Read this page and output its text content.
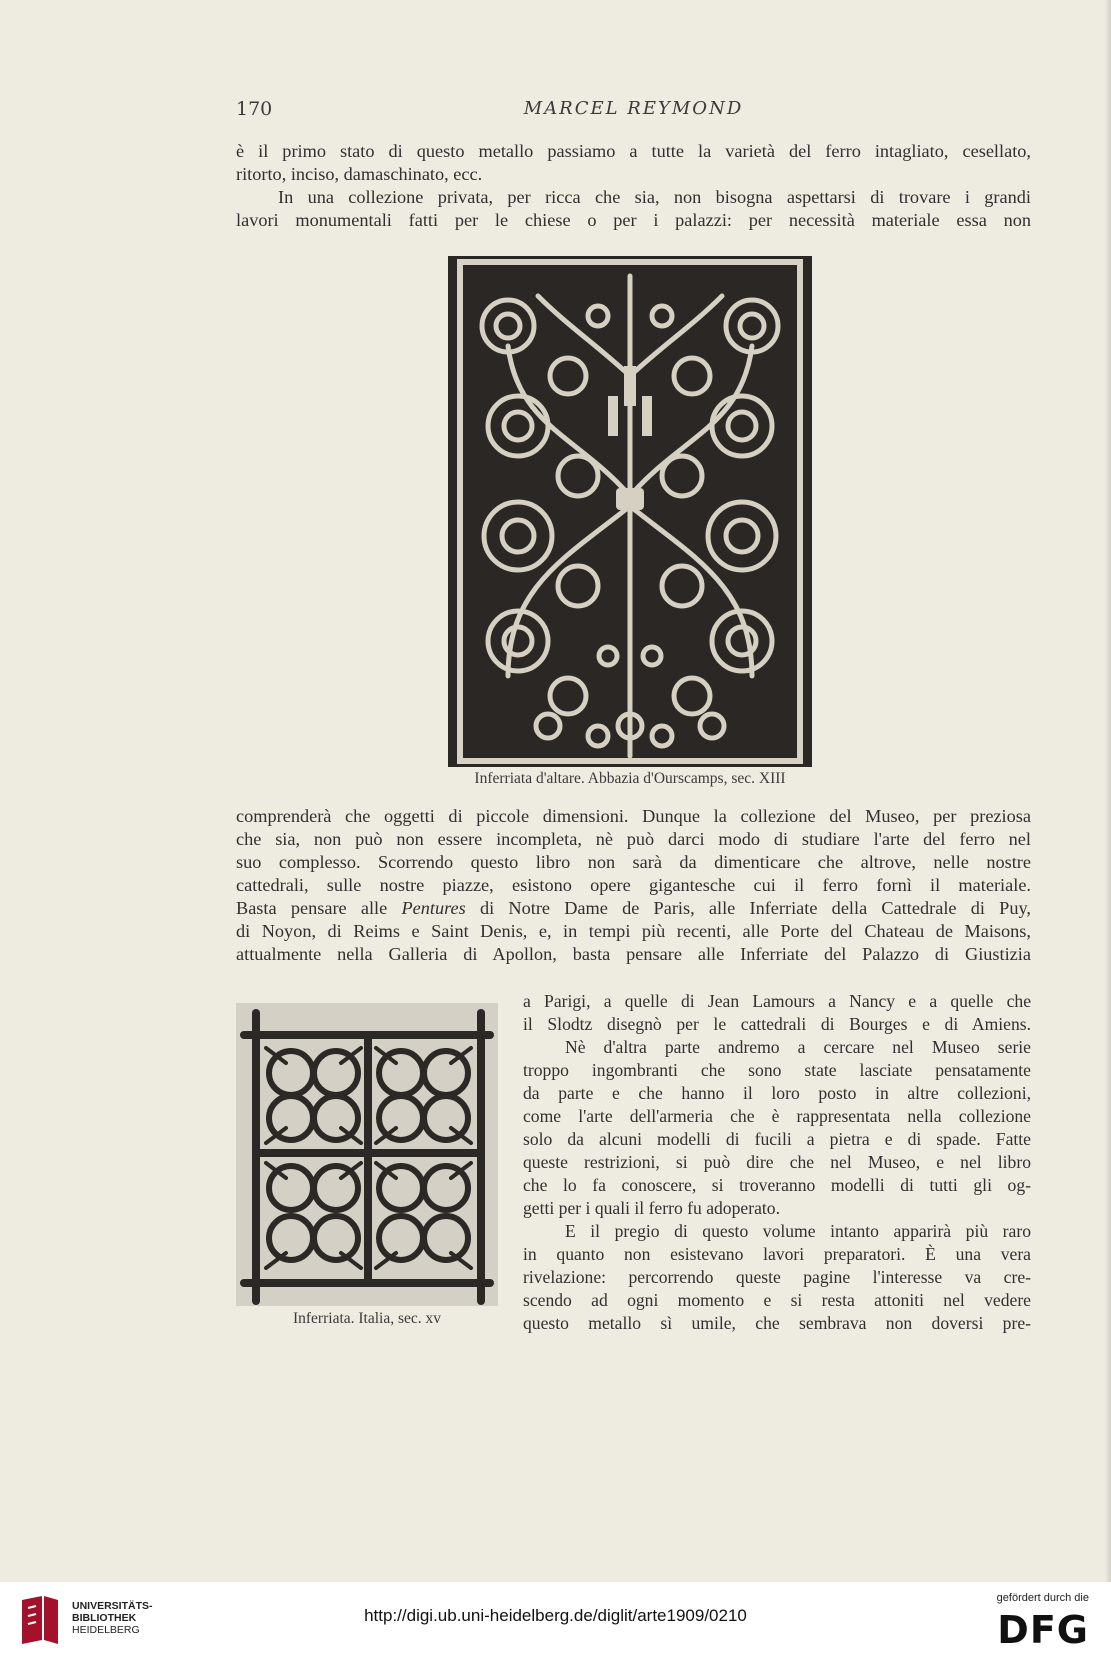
170	MARCEL REYMOND

è il primo stato di questo metallo passiamo a tutte la varietà del ferro intagliato, cesellato,

ritorto, inciso, damaschinato, ecc.

In una collezione privata, per ricca che sia, non bisogna aspettarsi di trovare i grandi

lavori monumentali fatti per le chiese o per i palazzi: per necessità materiale essa non

Inferriata d'altare. Abbazia d'Ourscamps, sec. XIII

comprenderà che oggetti di piccole dimensioni. Dunque la collezione del Museo, per preziosa

che sia, non può non essere incompleta, nè può darci modo di studiare l'arte del ferro nel

suo complesso. Scorrendo questo libro non sarà da dimenticare che altrove, nelle nostre

cattedrali, sulle nostre piazze, esistono opere gigantesche cui il ferro fornì il materiale.

Basta pensare alle Pentures di Notre Dame de Paris, alle Inferriate della Cattedrale di Puy,

di Noyon, di Reims e Saint Denis, e, in tempi più recenti, alle Porte del Chateau de Maisons,

attualmente nella Galleria di Apollon, basta pensare alle Inferriate del Palazzo di Giustizia

Inferriata. Italia, sec. xv

a Parigi, a quelle di Jean Lamours a Nancy e a quelle che

il Slodtz disegnò per le cattedrali di Bourges e di Amiens.

Nè d'altra parte andremo a cercare nel Museo serie

troppo ingombranti che sono state lasciate pensatamente

da parte e che hanno il loro posto in altre collezioni,

come l'arte dell'armeria che è rappresentata nella collezione

solo da alcuni modelli di fucili a pietra e di spade. Fatte

queste restrizioni, si può dire che nel Museo, e nel libro

che lo fa conoscere, si troveranno modelli di tutti gli og-

getti per i quali il ferro fu adoperato.

E il pregio di questo volume intanto apparirà più raro

in quanto non esistevano lavori preparatori. È una vera

rivelazione: percorrendo queste pagine l'interesse va cre-

scendo ad ogni momento e si resta attoniti nel vedere

questo metallo sì umile, che sembrava non doversi pre-

UNIVERSITÄTS-
BIBLIOTHEK
HEIDELBERG
http://digi.ub.uni-heidelberg.de/diglit/arte1909/0210
gefördert durch die
DFG
